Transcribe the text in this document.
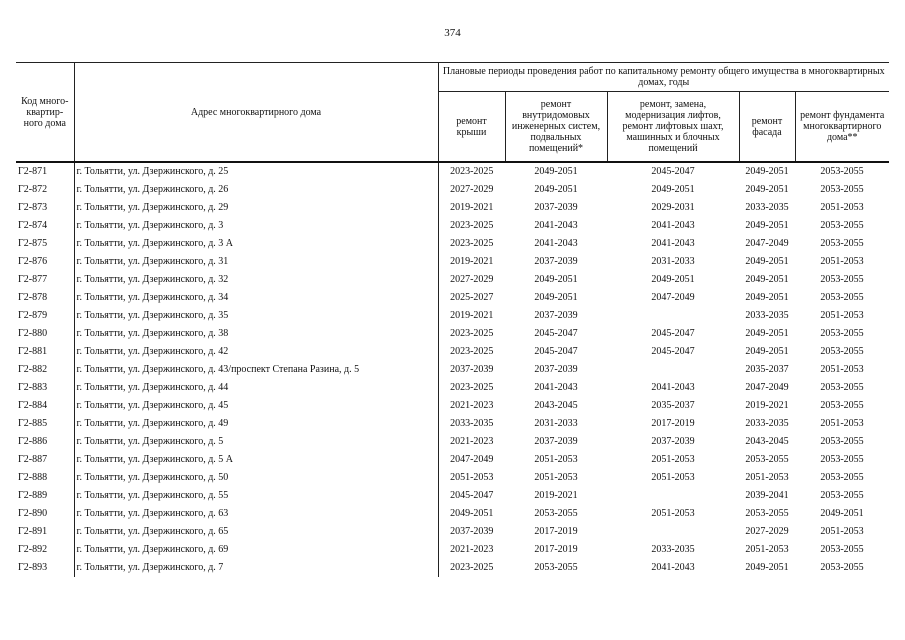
374
Код много-квартир-ного дома	Адрес многоквартирного дома	Плановые периоды проведения работ по капитальному ремонту общего имущества в многоквартирных домах, годы				
		ремонт крыши	ремонт внутридомовых инженерных систем, подвальных помещений*	ремонт, замена, модернизация лифтов, ремонт лифтовых шахт, машинных и блочных помещений	ремонт фасада	ремонт фундамента многоквартирного дома**
Г2-871	г. Тольятти, ул. Дзержинского, д. 25	2023-2025	2049-2051	2045-2047	2049-2051	2053-2055
Г2-872	г. Тольятти, ул. Дзержинского, д. 26	2027-2029	2049-2051	2049-2051	2049-2051	2053-2055
Г2-873	г. Тольятти, ул. Дзержинского, д. 29	2019-2021	2037-2039	2029-2031	2033-2035	2051-2053
Г2-874	г. Тольятти, ул. Дзержинского, д. 3	2023-2025	2041-2043	2041-2043	2049-2051	2053-2055
Г2-875	г. Тольятти, ул. Дзержинского, д. 3 А	2023-2025	2041-2043	2041-2043	2047-2049	2053-2055
Г2-876	г. Тольятти, ул. Дзержинского, д. 31	2019-2021	2037-2039	2031-2033	2049-2051	2051-2053
Г2-877	г. Тольятти, ул. Дзержинского, д. 32	2027-2029	2049-2051	2049-2051	2049-2051	2053-2055
Г2-878	г. Тольятти, ул. Дзержинского, д. 34	2025-2027	2049-2051	2047-2049	2049-2051	2053-2055
Г2-879	г. Тольятти, ул. Дзержинского, д. 35	2019-2021	2037-2039		2033-2035	2051-2053
Г2-880	г. Тольятти, ул. Дзержинского, д. 38	2023-2025	2045-2047	2045-2047	2049-2051	2053-2055
Г2-881	г. Тольятти, ул. Дзержинского, д. 42	2023-2025	2045-2047	2045-2047	2049-2051	2053-2055
Г2-882	г. Тольятти, ул. Дзержинского, д. 43/проспект Степана Разина, д. 5	2037-2039	2037-2039		2035-2037	2051-2053
Г2-883	г. Тольятти, ул. Дзержинского, д. 44	2023-2025	2041-2043	2041-2043	2047-2049	2053-2055
Г2-884	г. Тольятти, ул. Дзержинского, д. 45	2021-2023	2043-2045	2035-2037	2019-2021	2053-2055
Г2-885	г. Тольятти, ул. Дзержинского, д. 49	2033-2035	2031-2033	2017-2019	2033-2035	2051-2053
Г2-886	г. Тольятти, ул. Дзержинского, д. 5	2021-2023	2037-2039	2037-2039	2043-2045	2053-2055
Г2-887	г. Тольятти, ул. Дзержинского, д. 5 А	2047-2049	2051-2053	2051-2053	2053-2055	2053-2055
Г2-888	г. Тольятти, ул. Дзержинского, д. 50	2051-2053	2051-2053	2051-2053	2051-2053	2053-2055
Г2-889	г. Тольятти, ул. Дзержинского, д. 55	2045-2047	2019-2021		2039-2041	2053-2055
Г2-890	г. Тольятти, ул. Дзержинского, д. 63	2049-2051	2053-2055	2051-2053	2053-2055	2049-2051
Г2-891	г. Тольятти, ул. Дзержинского, д. 65	2037-2039	2017-2019		2027-2029	2051-2053
Г2-892	г. Тольятти, ул. Дзержинского, д. 69	2021-2023	2017-2019	2033-2035	2051-2053	2053-2055
Г2-893	г. Тольятти, ул. Дзержинского, д. 7	2023-2025	2053-2055	2041-2043	2049-2051	2053-2055
